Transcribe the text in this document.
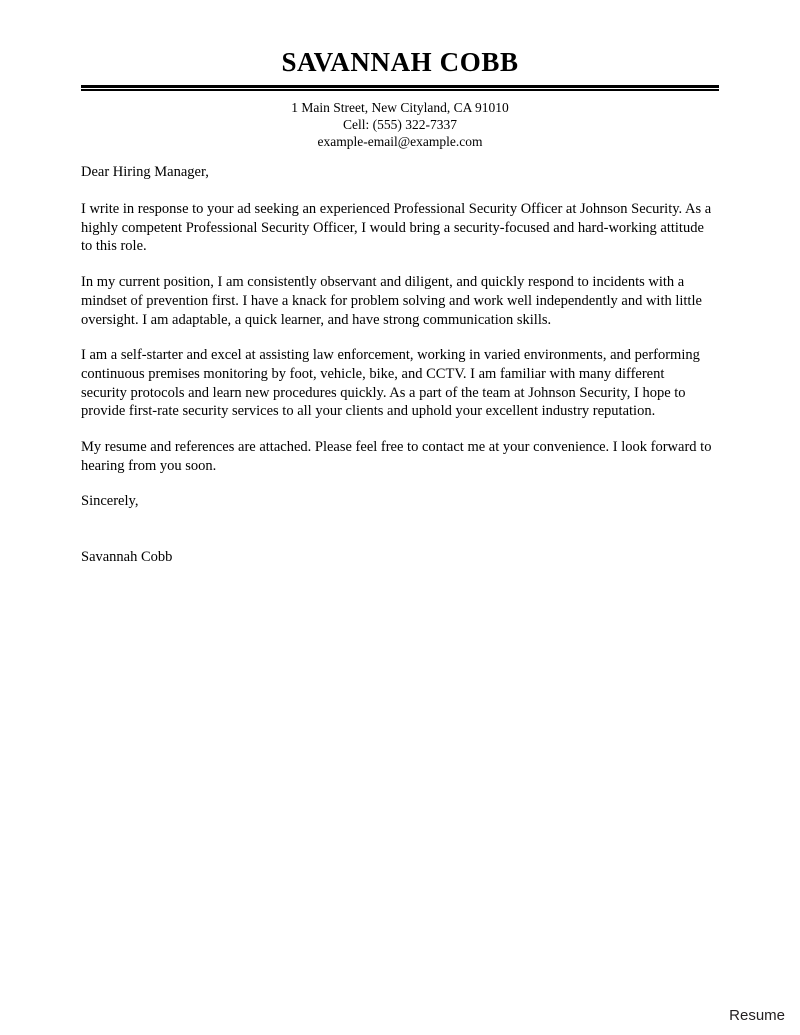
SAVANNAH COBB
1 Main Street, New Cityland, CA 91010
Cell: (555) 322-7337
example-email@example.com

Dear Hiring Manager,

I write in response to your ad seeking an experienced Professional Security Officer at Johnson Security. As a highly competent Professional Security Officer, I would bring a security-focused and hard-working attitude to this role.

In my current position, I am consistently observant and diligent, and quickly respond to incidents with a mindset of prevention first. I have a knack for problem solving and work well independently and with little oversight. I am adaptable, a quick learner, and have strong communication skills.

I am a self-starter and excel at assisting law enforcement, working in varied environments, and performing continuous premises monitoring by foot, vehicle, bike, and CCTV. I am familiar with many different security protocols and learn new procedures quickly. As a part of the team at Johnson Security, I hope to provide first-rate security services to all your clients and uphold your excellent industry reputation.

My resume and references are attached. Please feel free to contact me at your convenience. I look forward to hearing from you soon.

Sincerely,

Savannah Cobb

Resume
